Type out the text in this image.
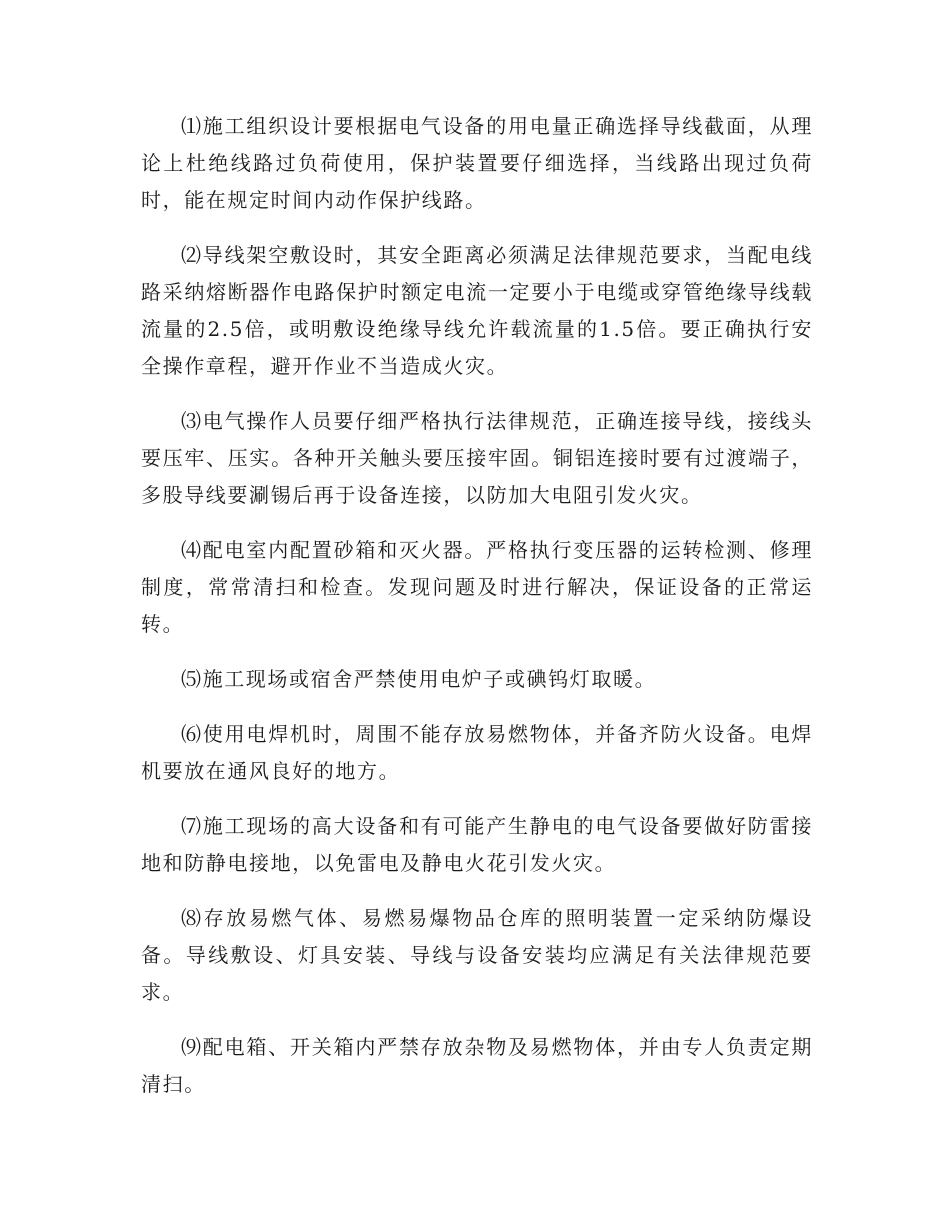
⑴施工组织设计要根据电气设备的用电量正确选择导线截面，从理论上杜绝线路过负荷使用，保护装置要仔细选择，当线路出现过负荷时，能在规定时间内动作保护线路。

⑵导线架空敷设时，其安全距离必须满足法律规范要求，当配电线路采纳熔断器作电路保护时额定电流一定要小于电缆或穿管绝缘导线载流量的2.5倍，或明敷设绝缘导线允许载流量的1.5倍。要正确执行安全操作章程，避开作业不当造成火灾。

⑶电气操作人员要仔细严格执行法律规范，正确连接导线，接线头要压牢、压实。各种开关触头要压接牢固。铜铝连接时要有过渡端子，多股导线要涮锡后再于设备连接，以防加大电阻引发火灾。

⑷配电室内配置砂箱和灭火器。严格执行变压器的运转检测、修理制度，常常清扫和检查。发现问题及时进行解决，保证设备的正常运转。

⑸施工现场或宿舍严禁使用电炉子或碘钨灯取暖。

⑹使用电焊机时，周围不能存放易燃物体，并备齐防火设备。电焊机要放在通风良好的地方。

⑺施工现场的高大设备和有可能产生静电的电气设备要做好防雷接地和防静电接地，以免雷电及静电火花引发火灾。

⑻存放易燃气体、易燃易爆物品仓库的照明装置一定采纳防爆设备。导线敷设、灯具安装、导线与设备安装均应满足有关法律规范要求。

⑼配电箱、开关箱内严禁存放杂物及易燃物体，并由专人负责定期清扫。
